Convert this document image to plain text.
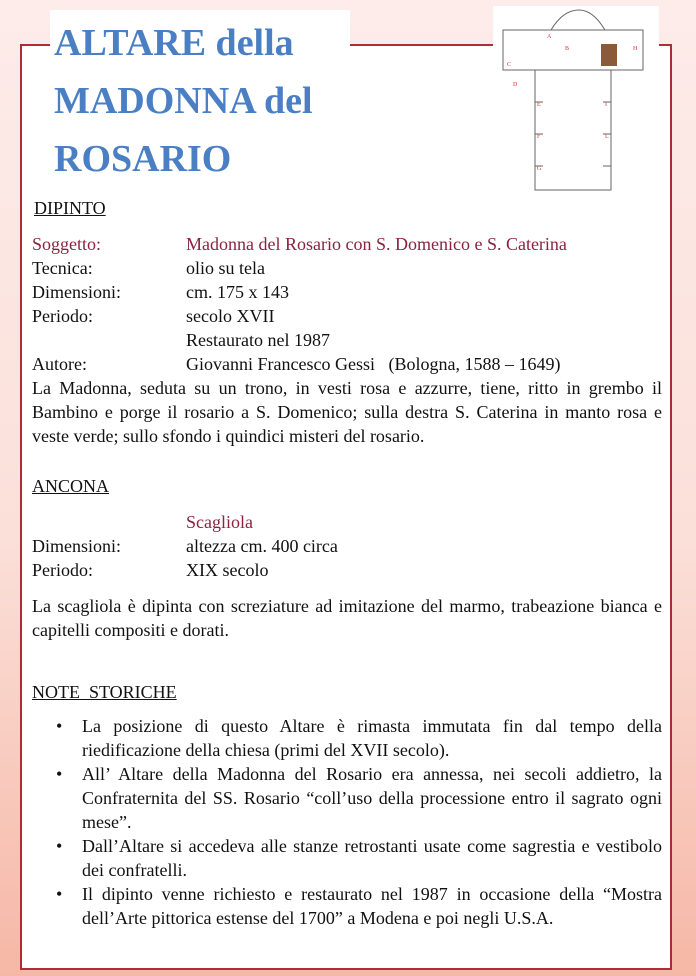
ALTARE della
MADONNA del
ROSARIO
A
B
C
D
E
F
G
H
I
L
DIPINTO
Soggetto:	Madonna del Rosario con S. Domenico e S. Caterina
Tecnica:	olio su tela
Dimensioni:	cm. 175 x 143
Periodo:	secolo XVII
Restaurato nel 1987
Autore:	Giovanni Francesco Gessi   (Bologna, 1588 – 1649)

La Madonna, seduta su un trono, in vesti rosa e azzurre, tiene, ritto in grembo il Bambino e porge il rosario a S. Domenico; sulla destra S. Caterina in manto rosa e veste verde; sullo sfondo i quindici misteri del rosario.

ANCONA
Scagliola
Dimensioni:	altezza cm. 400 circa
Periodo:	XIX secolo

La scagliola è dipinta con screziature ad imitazione del marmo, trabeazione bianca e capitelli compositi e dorati.

NOTE  STORICHE
• La posizione di questo Altare è rimasta immutata fin dal tempo della riedificazione della chiesa (primi del XVII secolo).
• All’ Altare della Madonna del Rosario era annessa, nei secoli addietro, la Confraternita del SS. Rosario “coll’uso della processione entro il sagrato ogni mese”.
• Dall’Altare si accedeva alle stanze retrostanti usate come sagrestia e vestibolo dei confratelli.
• Il dipinto venne richiesto e restaurato nel 1987 in occasione della “Mostra dell’Arte pittorica estense del 1700” a Modena e poi negli U.S.A.
